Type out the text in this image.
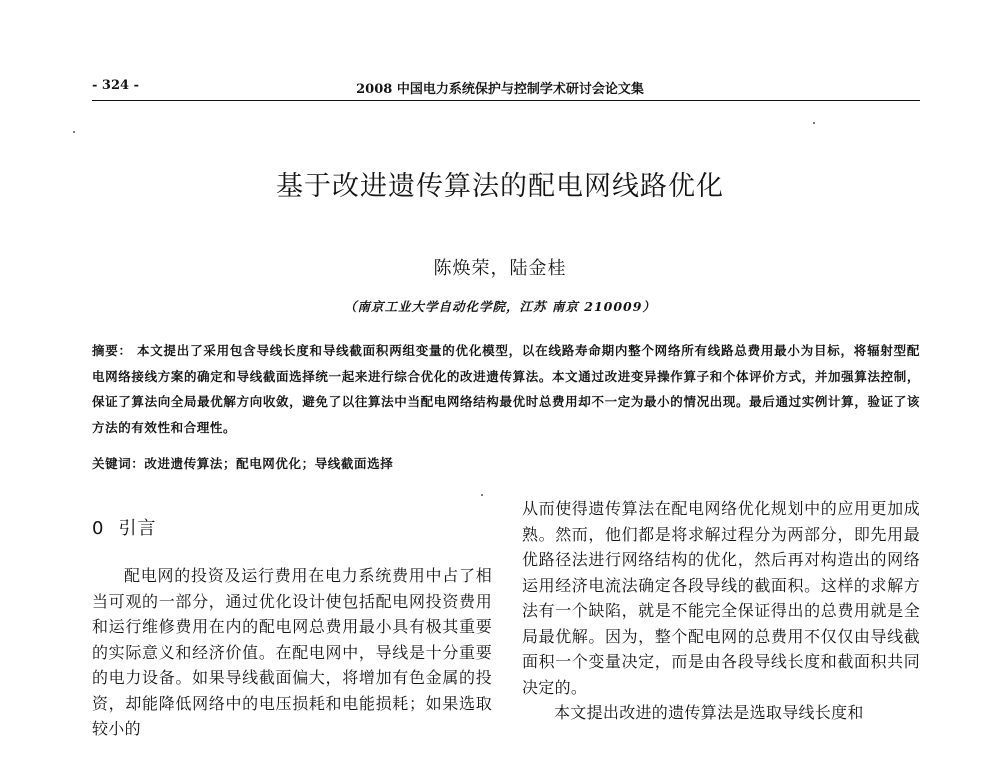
- 324 -	2008 中国电力系统保护与控制学术研讨会论文集
基于改进遗传算法的配电网线路优化
陈焕荣，陆金桂
（南京工业大学自动化学院，江苏 南京 210009）
摘要： 本文提出了采用包含导线长度和导线截面积两组变量的优化模型，以在线路寿命期内整个网络所有线路总费用最小为目标，将辐射型配电网络接线方案的确定和导线截面选择统一起来进行综合优化的改进遗传算法。本文通过改进变异操作算子和个体评价方式，并加强算法控制，保证了算法向全局最优解方向收敛，避免了以往算法中当配电网络结构最优时总费用却不一定为最小的情况出现。最后通过实例计算，验证了该方法的有效性和合理性。
关键词：改进遗传算法；配电网优化；导线截面选择
0 引言

配电网的投资及运行费用在电力系统费用中占了相当可观的一部分，通过优化设计使包括配电网投资费用和运行维修费用在内的配电网总费用最小具有极其重要的实际意义和经济价值。在配电网中，导线是十分重要的电力设备。如果导线截面偏大，将增加有色金属的投资，却能降低网络中的电压损耗和电能损耗；如果选取较小的

从而使得遗传算法在配电网络优化规划中的应用更加成熟。然而，他们都是将求解过程分为两部分，即先用最优路径法进行网络结构的优化，然后再对构造出的网络运用经济电流法确定各段导线的截面积。这样的求解方法有一个缺陷，就是不能完全保证得出的总费用就是全局最优解。因为，整个配电网的总费用不仅仅由导线截面积一个变量决定，而是由各段导线长度和截面积共同决定的。

本文提出改进的遗传算法是选取导线长度和
